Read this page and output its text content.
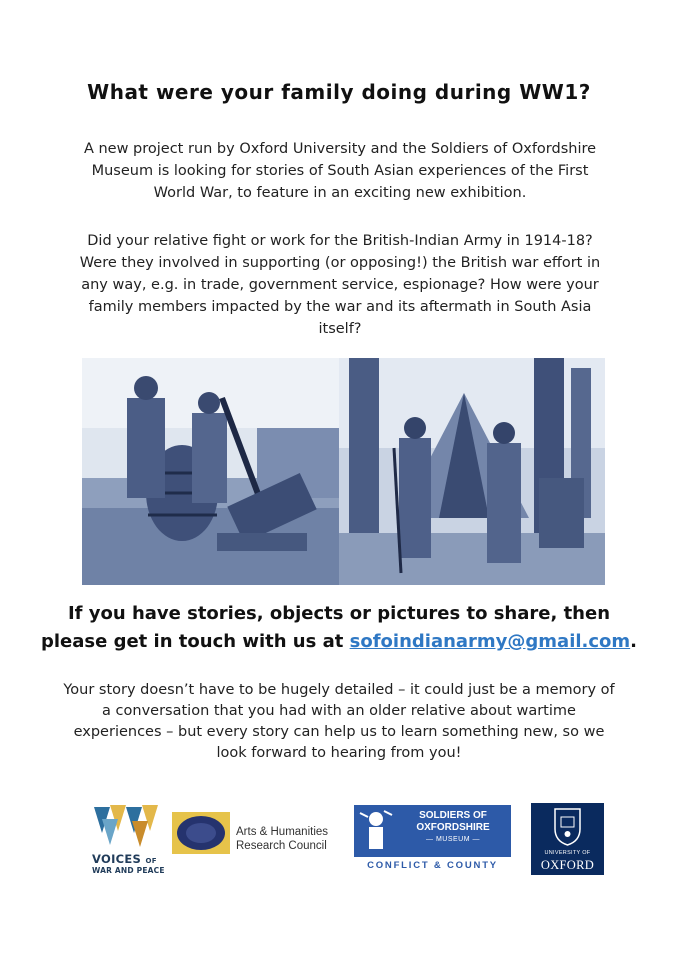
What were your family doing during WW1?
A new project run by Oxford University and the Soldiers of Oxfordshire Museum is looking for stories of South Asian experiences of the First World War, to feature in an exciting new exhibition.
Did your relative fight or work for the British-Indian Army in 1914-18? Were they involved in supporting (or opposing!) the British war effort in any way, e.g. in trade, government service, espionage? How were your family members impacted by the war and its aftermath in South Asia itself?
If you have stories, objects or pictures to share, then please get in touch with us at sofoindianarmy@gmail.com.
Your story doesn’t have to be hugely detailed – it could just be a memory of a conversation that you had with an older relative about wartime experiences – but every story can help us to learn something new, so we look forward to hearing from you!
VOICES OF
WAR AND PEACE
Arts & Humanities
Research Council
SOLDIERS OF
OXFORDSHIRE
— MUSEUM —
CONFLICT & COUNTY
UNIVERSITY OF
OXFORD
